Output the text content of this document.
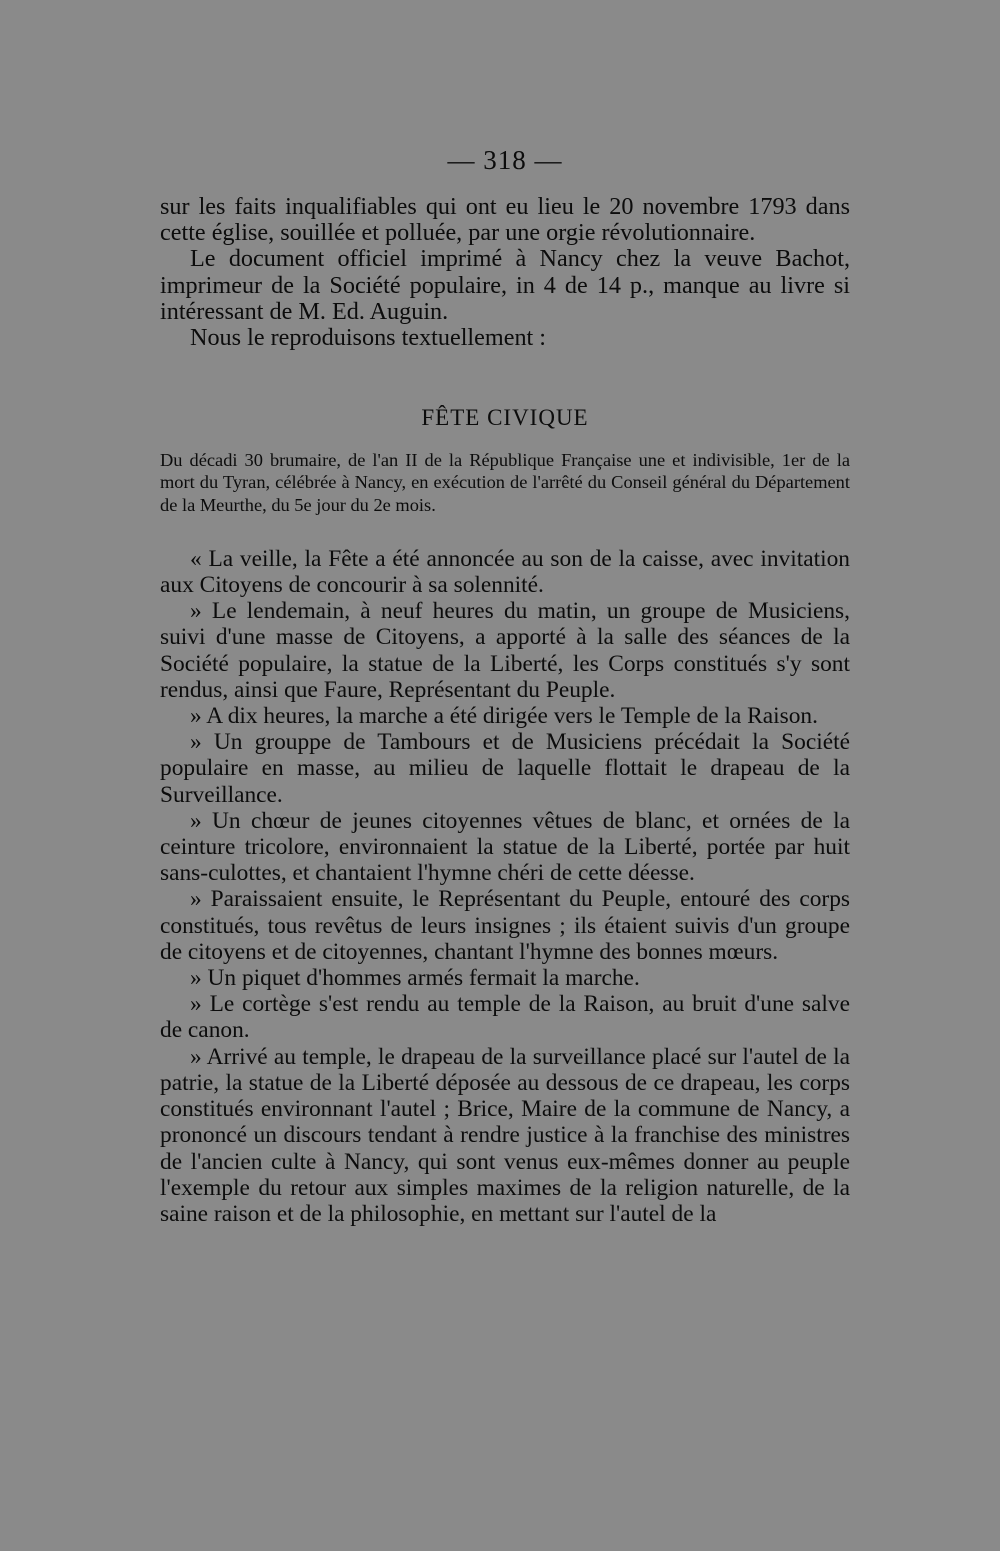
— 318 —

sur les faits inqualifiables qui ont eu lieu le 20 novembre 1793 dans cette église, souillée et polluée, par une orgie révolutionnaire.

Le document officiel imprimé à Nancy chez la veuve Bachot, imprimeur de la Société populaire, in 4 de 14 p., manque au livre si intéressant de M. Ed. Auguin.

Nous le reproduisons textuellement :

FÊTE CIVIQUE

Du décadi 30 brumaire, de l'an II de la République Française une et indivisible, 1er de la mort du Tyran, célébrée à Nancy, en exécution de l'arrêté du Conseil général du Département de la Meurthe, du 5e jour du 2e mois.

« La veille, la Fête a été annoncée au son de la caisse, avec invitation aux Citoyens de concourir à sa solennité.

» Le lendemain, à neuf heures du matin, un groupe de Musiciens, suivi d'une masse de Citoyens, a apporté à la salle des séances de la Société populaire, la statue de la Liberté, les Corps constitués s'y sont rendus, ainsi que Faure, Représentant du Peuple.

» A dix heures, la marche a été dirigée vers le Temple de la Raison.

» Un grouppe de Tambours et de Musiciens précédait la Société populaire en masse, au milieu de laquelle flottait le drapeau de la Surveillance.

» Un chœur de jeunes citoyennes vêtues de blanc, et ornées de la ceinture tricolore, environnaient la statue de la Liberté, portée par huit sans-culottes, et chantaient l'hymne chéri de cette déesse.

» Paraissaient ensuite, le Représentant du Peuple, entouré des corps constitués, tous revêtus de leurs insignes ; ils étaient suivis d'un groupe de citoyens et de citoyennes, chantant l'hymne des bonnes mœurs.

» Un piquet d'hommes armés fermait la marche.

» Le cortège s'est rendu au temple de la Raison, au bruit d'une salve de canon.

» Arrivé au temple, le drapeau de la surveillance placé sur l'autel de la patrie, la statue de la Liberté déposée au dessous de ce drapeau, les corps constitués environnant l'autel ; Brice, Maire de la commune de Nancy, a prononcé un discours tendant à rendre justice à la franchise des ministres de l'ancien culte à Nancy, qui sont venus eux-mêmes donner au peuple l'exemple du retour aux simples maximes de la religion naturelle, de la saine raison et de la philosophie, en mettant sur l'autel de la
